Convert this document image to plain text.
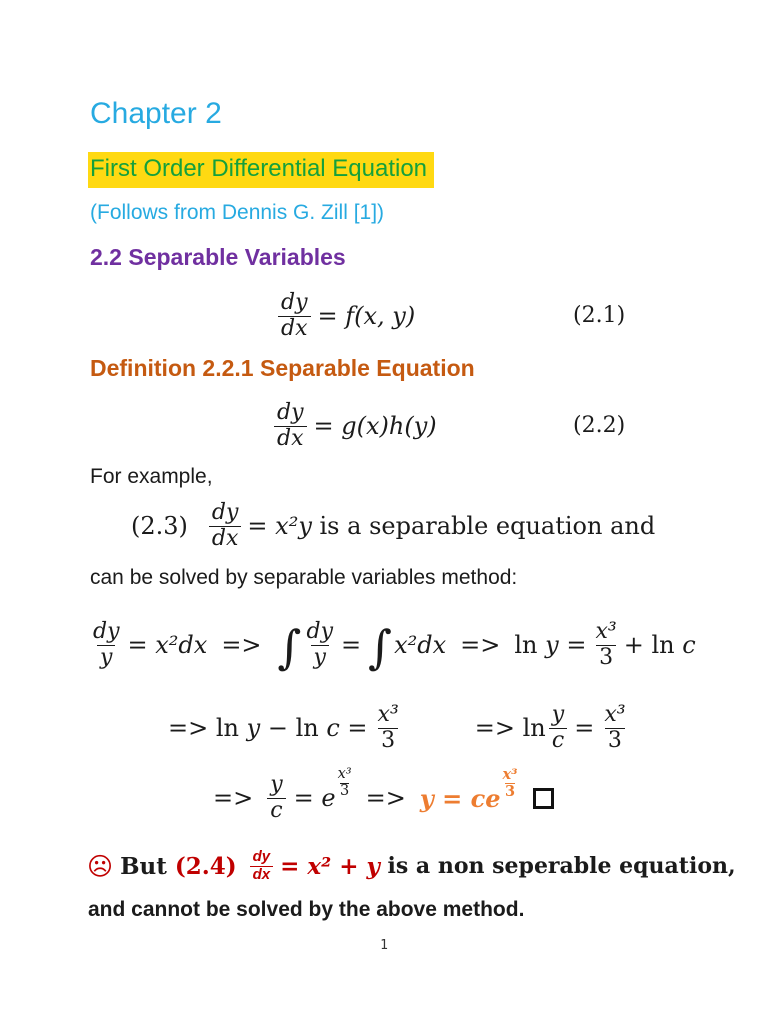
Chapter 2
First Order Differential Equation
(Follows from Dennis G. Zill [1])
2.2 Separable Variables
$\frac{dy}{dx} = f(x$, y)	(2.1)
Definition 2.2.1 Separable Equation
$\frac{dy}{dx} = g(x)h(y)$	(2.2)
For example,
$(2.3) \frac{dy}{dx} = x^2y$ is a separable equation and
can be solved by separable variables method:
$\frac{dy}{y} = x^2dx$ => ∫ $\frac{dy}{y}$ = ∫ $x^2dx => \ln y = \frac{\text{x³}}{3} + \ln c$
=> $\ln y - \ln c = \frac{\text{x³}}{3}$	=> $\ln \frac{y}{c} = \frac{\text{x³}}{3}$
=> $\frac{y}{c} = e \frac{\text{x³}}{3} => y$ = ce $\frac{\text{x³}}{3}$
☹ But $(2.4) \frac{dy}{dx} = x^2 + y$ is a non seperable equation,
and cannot be solved by the above method.
1
